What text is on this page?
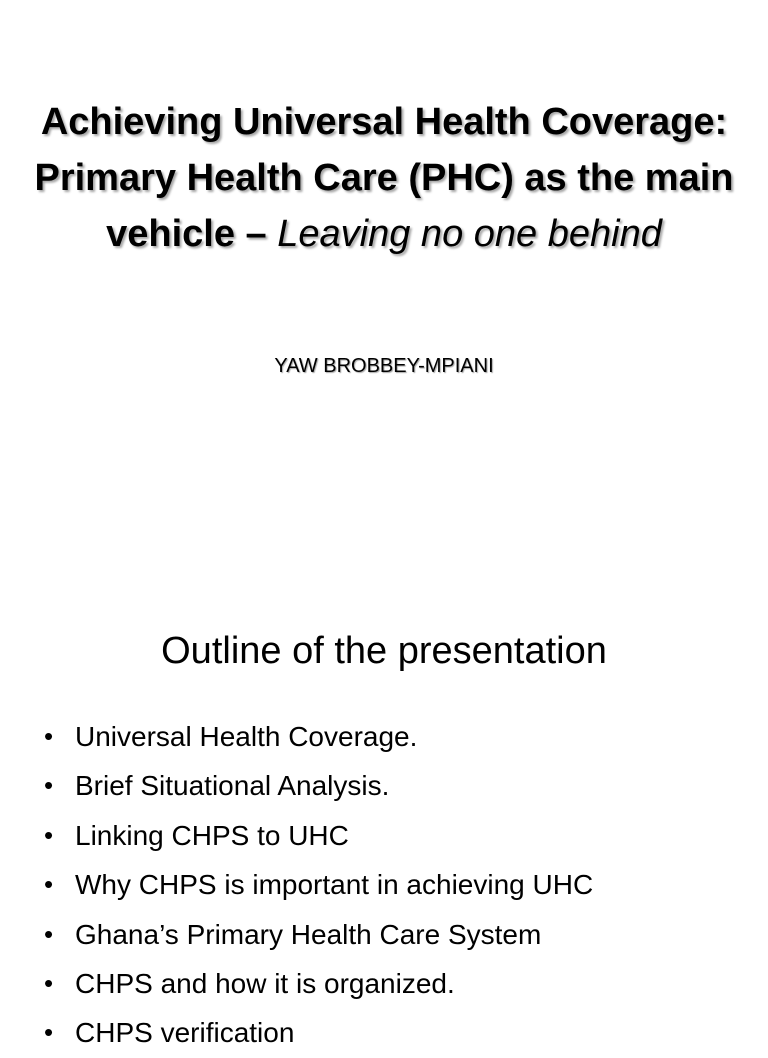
Achieving Universal Health Coverage: Primary Health Care (PHC) as the main vehicle – Leaving no one behind

YAW BROBBEY-MPIANI

Outline of the presentation
• Universal Health Coverage.
• Brief Situational Analysis.
• Linking CHPS to UHC
• Why CHPS is important in achieving UHC
• Ghana’s Primary Health Care System
• CHPS and how it is organized.
• CHPS verification
